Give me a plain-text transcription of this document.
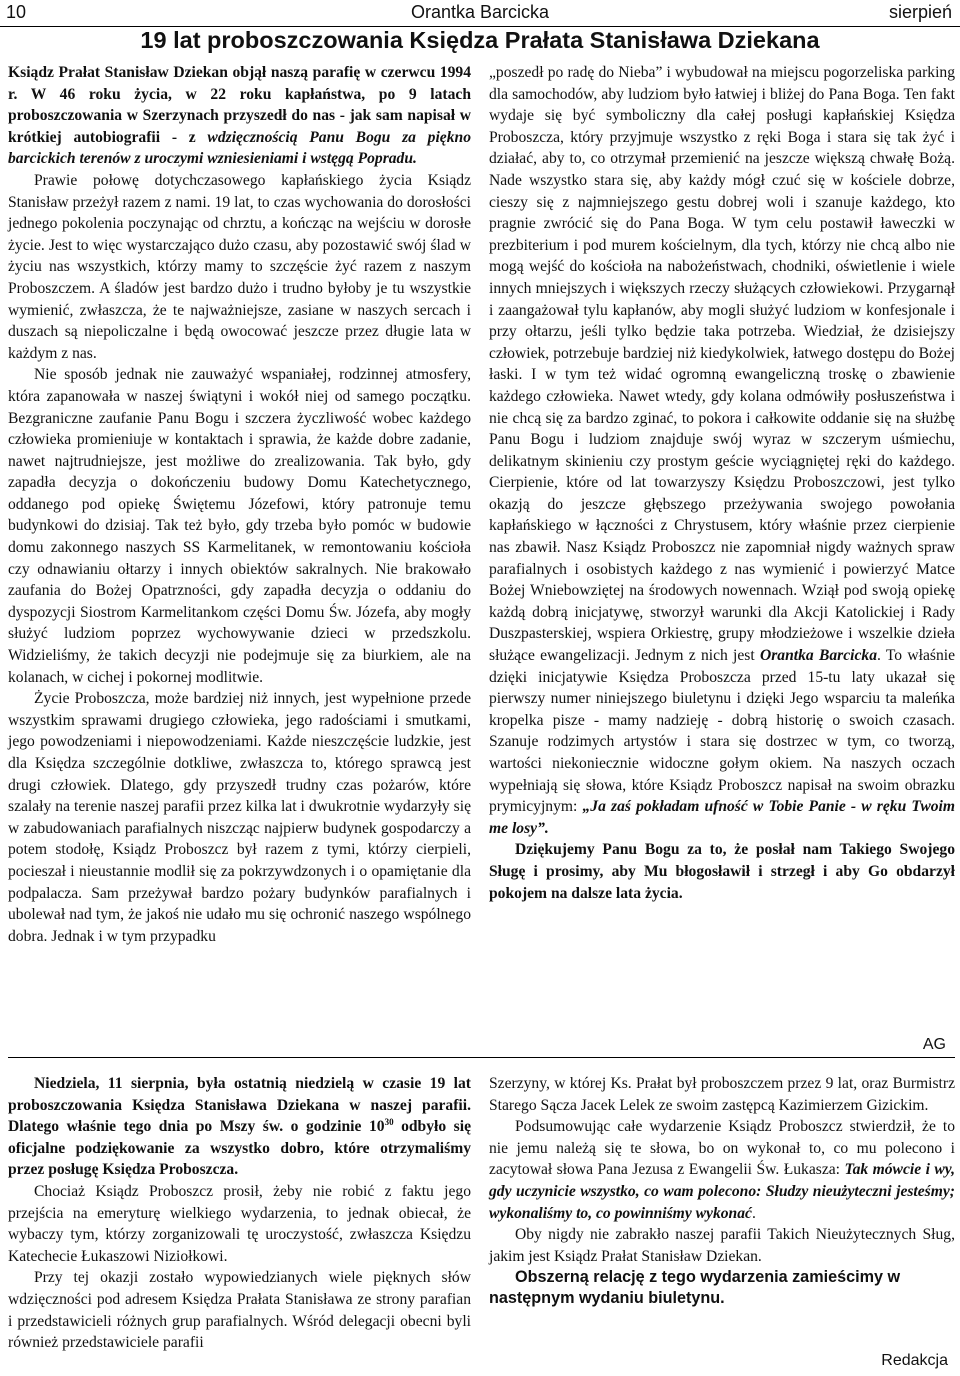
10	Orantka Barcicka	sierpień
19 lat proboszczowania Księdza Prałata Stanisława Dziekana

Ksiądz Prałat Stanisław Dziekan objął naszą parafię w czerwcu 1994 r. W 46 roku życia, w 22 roku kapłaństwa, po 9 latach proboszczowania w Szerzynach przyszedł do nas - jak sam napisał w krótkiej autobiografii - z wdzięcznością Panu Bogu za piękno barcickich terenów z uroczymi wzniesieniami i wstęgą Popradu.

Prawie połowę dotychczasowego kapłańskiego życia Ksiądz Stanisław przeżył razem z nami. 19 lat, to czas wychowania do dorosłości jednego pokolenia poczynając od chrztu, a kończąc na wejściu w dorosłe życie. Jest to więc wystarczająco dużo czasu, aby pozostawić swój ślad w życiu nas wszystkich, którzy mamy to szczęście żyć razem z naszym Proboszczem. A śladów jest bardzo dużo i trudno byłoby je tu wszystkie wymienić, zwłaszcza, że te najważniejsze, zasiane w naszych sercach i duszach są niepoliczalne i będą owocować jeszcze przez długie lata w każdym z nas.

Nie sposób jednak nie zauważyć wspaniałej, rodzinnej atmosfery, która zapanowała w naszej świątyni i wokół niej od samego początku. Bezgraniczne zaufanie Panu Bogu i szczera życzliwość wobec każdego człowieka promieniuje w kontaktach i sprawia, że każde dobre zadanie, nawet najtrudniejsze, jest możliwe do zrealizowania. Tak było, gdy zapadła decyzja o dokończeniu budowy Domu Katechetycznego, oddanego pod opiekę Świętemu Józefowi, który patronuje temu budynkowi do dzisiaj. Tak też było, gdy trzeba było pomóc w budowie domu zakonnego naszych SS Karmelitanek, w remontowaniu kościoła czy odnawianiu ołtarzy i innych obiektów sakralnych. Nie brakowało zaufania do Bożej Opatrzności, gdy zapadła decyzja o oddaniu do dyspozycji Siostrom Karmelitankom części Domu Św. Józefa, aby mogły służyć ludziom poprzez wychowywanie dzieci w przedszkolu. Widzieliśmy, że takich decyzji nie podejmuje się za biurkiem, ale na kolanach, w cichej i pokornej modlitwie.

Życie Proboszcza, może bardziej niż innych, jest wypełnione przede wszystkim sprawami drugiego człowieka, jego radościami i smutkami, jego powodzeniami i niepowodzeniami. Każde nieszczęście ludzkie, jest dla Księdza szczególnie dotkliwe, zwłaszcza to, którego sprawcą jest drugi człowiek. Dlatego, gdy przyszedł trudny czas pożarów, które szalały na terenie naszej parafii przez kilka lat i dwukrotnie wydarzyły się w zabudowaniach parafialnych niszcząc najpierw budynek gospodarczy a potem stodołę, Ksiądz Proboszcz był razem z tymi, którzy cierpieli, pocieszał i nieustannie modlił się za pokrzywdzonych i o opamiętanie dla podpalacza. Sam przeżywał bardzo pożary budynków parafialnych i ubolewał nad tym, że jakoś nie udało mu się ochronić naszego wspólnego dobra. Jednak i w tym przypadku

„poszedł po radę do Nieba” i wybudował na miejscu pogorzeliska parking dla samochodów, aby ludziom było łatwiej i bliżej do Pana Boga. Ten fakt wydaje się być symboliczny dla całej posługi kapłańskiej Księdza Proboszcza, który przyjmuje wszystko z ręki Boga i stara się tak żyć i działać, aby to, co otrzymał przemienić na jeszcze większą chwałę Bożą. Nade wszystko stara się, aby każdy mógł czuć się w kościele dobrze, cieszy się z najmniejszego gestu dobrej woli i szanuje każdego, kto pragnie zwrócić się do Pana Boga. W tym celu postawił ławeczki w prezbiterium i pod murem kościelnym, dla tych, którzy nie chcą albo nie mogą wejść do kościoła na nabożeństwach, chodniki, oświetlenie i wiele innych mniejszych i większych rzeczy służących człowiekowi. Przygarnął i zaangażował tylu kapłanów, aby mogli służyć ludziom w konfesjonale i przy ołtarzu, jeśli tylko będzie taka potrzeba. Wiedział, że dzisiejszy człowiek, potrzebuje bardziej niż kiedykolwiek, łatwego dostępu do Bożej łaski. I w tym też widać ogromną ewangeliczną troskę o zbawienie każdego człowieka. Nawet wtedy, gdy kolana odmówiły posłuszeństwa i nie chcą się za bardzo zginać, to pokora i całkowite oddanie się na służbę Panu Bogu i ludziom znajduje swój wyraz w szczerym uśmiechu, delikatnym skinieniu czy prostym geście wyciągniętej ręki do każdego. Cierpienie, które od lat towarzyszy Księdzu Proboszczowi, jest tylko okazją do jeszcze głębszego przeżywania swojego powołania kapłańskiego w łączności z Chrystusem, który właśnie przez cierpienie nas zbawił. Nasz Ksiądz Proboszcz nie zapomniał nigdy ważnych spraw parafialnych i osobistych każdego z nas wymienić i powierzyć Matce Bożej Wniebowziętej na środowych nowennach. Wziął pod swoją opiekę każdą dobrą inicjatywę, stworzył warunki dla Akcji Katolickiej i Rady Duszpasterskiej, wspiera Orkiestrę, grupy młodzieżowe i wszelkie dzieła służące ewangelizacji. Jednym z nich jest Orantka Barcicka. To właśnie dzięki inicjatywie Księdza Proboszcza przed 15-tu laty ukazał się pierwszy numer niniejszego biuletynu i dzięki Jego wsparciu ta maleńka kropelka pisze - mamy nadzieję - dobrą historię o swoich czasach. Szanuje rodzimych artystów i stara się dostrzec w tym, co tworzą, wartości niekoniecznie widoczne gołym okiem. Na naszych oczach wypełniają się słowa, które Ksiądz Proboszcz napisał na swoim obrazku prymicyjnym: „Ja zaś pokładam ufność w Tobie Panie - w ręku Twoim me losy”.

Dziękujemy Panu Bogu za to, że posłał nam Takiego Swojego Sługę i prosimy, aby Mu błogosławił i strzegł i aby Go obdarzył pokojem na dalsze lata życia.

AG

Niedziela, 11 sierpnia, była ostatnią niedzielą w czasie 19 lat proboszczowania Księdza Stanisława Dziekana w naszej parafii. Dlatego właśnie tego dnia po Mszy św. o godzinie $10^{30}$ odbyło się oficjalne podziękowanie za wszystko dobro, które otrzymaliśmy przez posługę Księdza Proboszcza.

Chociaż Ksiądz Proboszcz prosił, żeby nie robić z faktu jego przejścia na emeryturę wielkiego wydarzenia, to jednak obiecał, że wybaczy tym, którzy zorganizowali tę uroczystość, zwłaszcza Księdzu Katechecie Łukaszowi Niziołkowi.

Przy tej okazji zostało wypowiedzianych wiele pięknych słów wdzięczności pod adresem Księdza Prałata Stanisława ze strony parafian i przedstawicieli różnych grup parafialnych. Wśród delegacji obecni byli również przedstawiciele parafii

Szerzyny, w której Ks. Prałat był proboszczem przez 9 lat, oraz Burmistrz Starego Sącza Jacek Lelek ze swoim zastępcą Kazimierzem Gizickim.

Podsumowując całe wydarzenie Ksiądz Proboszcz stwierdził, że to nie jemu należą się te słowa, bo on wykonał to, co mu polecono i zacytował słowa Pana Jezusa z Ewangelii Św. Łukasza: Tak mówcie i wy, gdy uczynicie wszystko, co wam polecono: Słudzy nieużyteczni jesteśmy; wykonaliśmy to, co powinniśmy wykonać.

Oby nigdy nie zabrakło naszej parafii Takich Nieużytecznych Sług, jakim jest Ksiądz Prałat Stanisław Dziekan.

Obszerną relację z tego wydarzenia zamieścimy w następnym wydaniu biuletynu.

Redakcja
